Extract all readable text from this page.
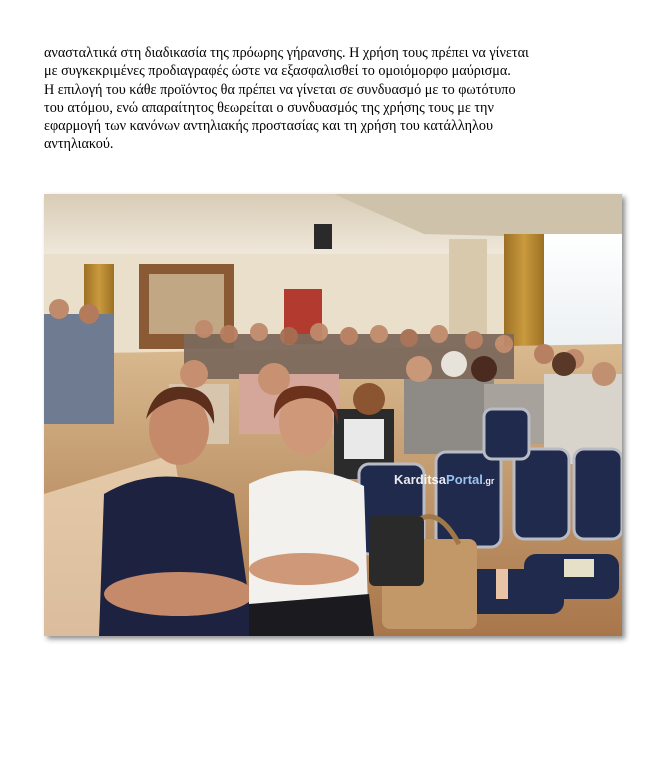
ανασταλτικά στη διαδικασία της πρόωρης γήρανσης. Η χρήση τους πρέπει να γίνεται
με συγκεκριμένες προδιαγραφές ώστε να εξασφαλισθεί το ομοιόμορφο μαύρισμα.
Η επιλογή του κάθε προϊόντος θα πρέπει να γίνεται σε συνδυασμό με το φωτότυπο
του ατόμου, ενώ απαραίτητος θεωρείται ο συνδυασμός της χρήσης τους με την
εφαρμογή των κανόνων αντηλιακής προστασίας και τη χρήση του κατάλληλου
αντηλιακού.
KarditsaPortal.gr
